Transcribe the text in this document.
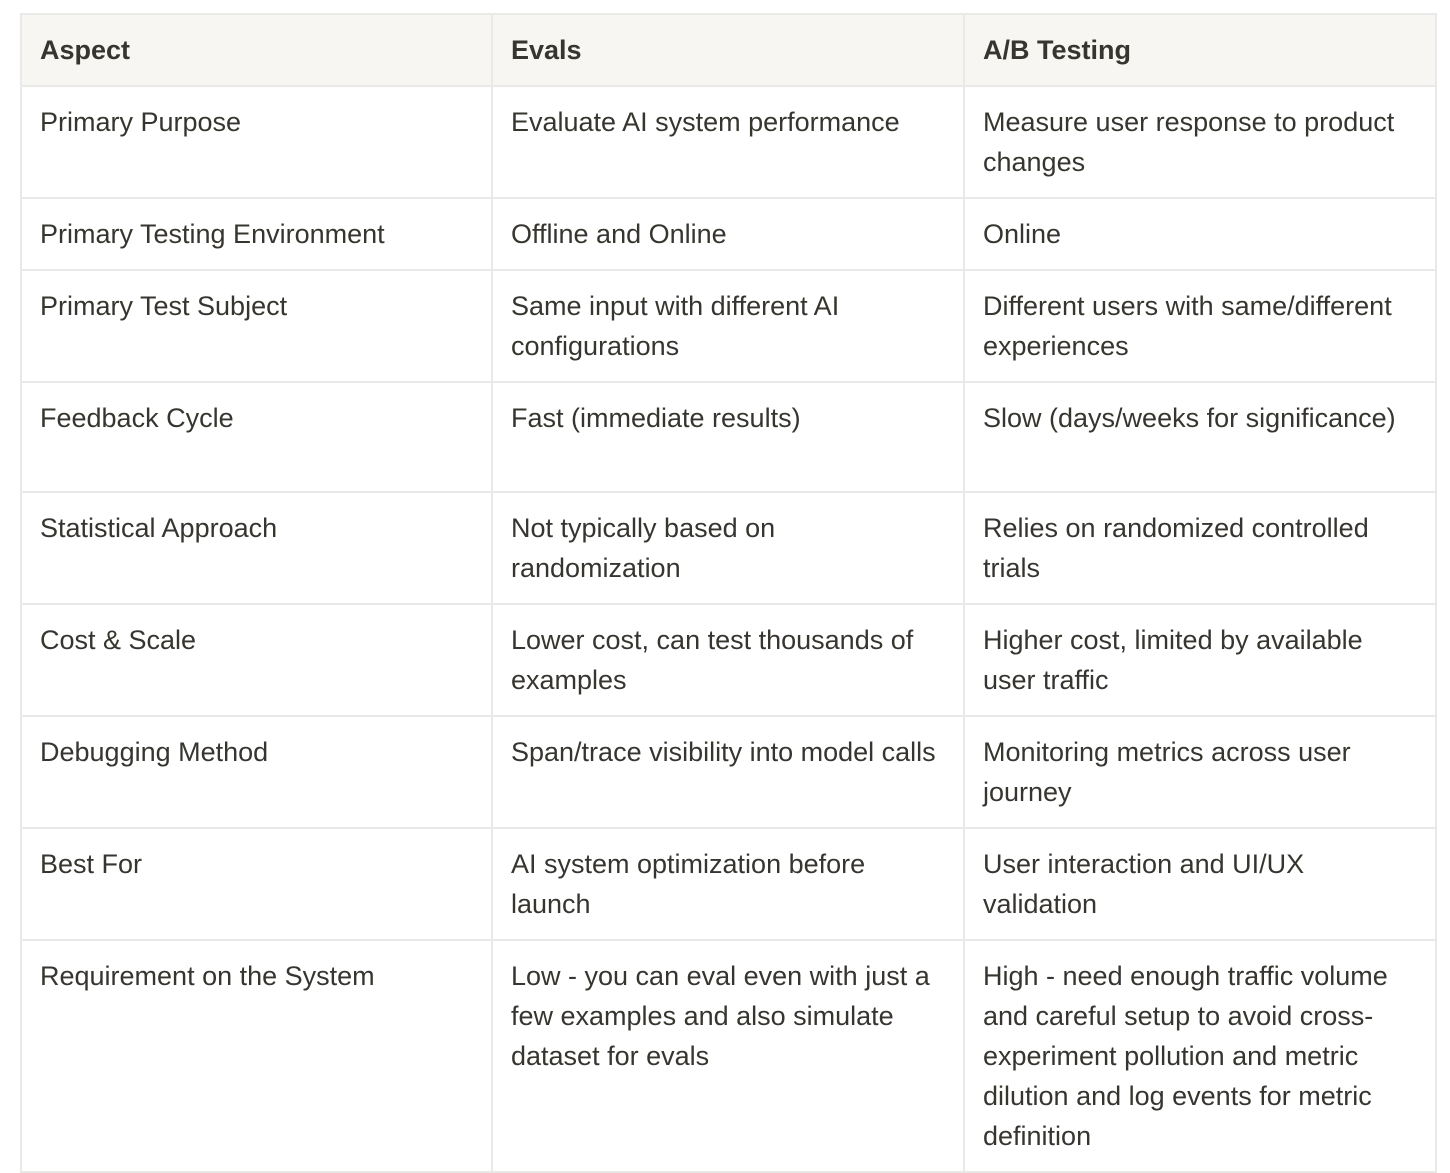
Aspect	Evals	A/B Testing
Primary Purpose	Evaluate AI system performance	Measure user response to product changes
Primary Testing Environment	Offline and Online	Online
Primary Test Subject	Same input with different AI configurations	Different users with same/different experiences
Feedback Cycle	Fast (immediate results)	Slow (days/weeks for significance)
Statistical Approach	Not typically based on randomization	Relies on randomized controlled trials
Cost & Scale	Lower cost, can test thousands of examples	Higher cost, limited by available user traffic
Debugging Method	Span/trace visibility into model calls	Monitoring metrics across user journey
Best For	AI system optimization before launch	User interaction and UI/UX validation
Requirement on the System	Low - you can eval even with just a few examples and also simulate dataset for evals	High - need enough traffic volume and careful setup to avoid cross-experiment pollution and metric dilution and log events for metric definition
